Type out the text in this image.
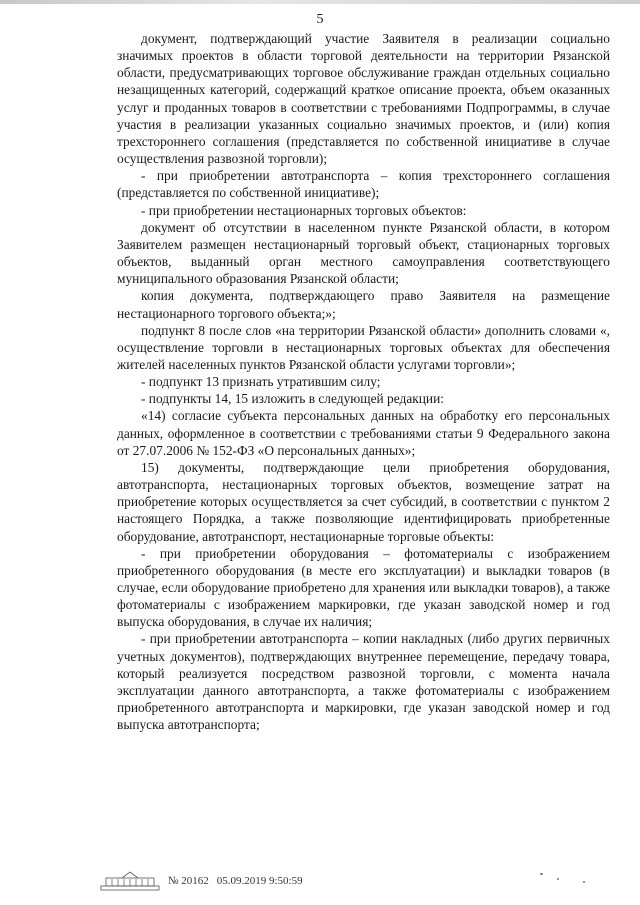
5

документ, подтверждающий участие Заявителя в реализации социально значимых проектов в области торговой деятельности на территории Рязанской области, предусматривающих торговое обслуживание граждан отдельных социально незащищенных категорий, содержащий краткое описание проекта, объем оказанных услуг и проданных товаров в соответствии с требованиями Подпрограммы, в случае участия в реализации указанных социально значимых проектов, и (или) копия трехстороннего соглашения (представляется по собственной инициативе в случае осуществления развозной торговли);

- при приобретении автотранспорта – копия трехстороннего соглашения (представляется по собственной инициативе);

- при приобретении нестационарных торговых объектов:

документ об отсутствии в населенном пункте Рязанской области, в котором Заявителем размещен нестационарный торговый объект, стационарных торговых объектов, выданный орган местного самоуправления соответствующего муниципального образования Рязанской области;

копия документа, подтверждающего право Заявителя на размещение нестационарного торгового объекта;»;

подпункт 8 после слов «на территории Рязанской области» дополнить словами «, осуществление торговли в нестационарных торговых объектах для обеспечения жителей населенных пунктов Рязанской области услугами торговли»;

- подпункт 13 признать утратившим силу;

- подпункты 14, 15 изложить в следующей редакции:

«14) согласие субъекта персональных данных на обработку его персональных данных, оформленное в соответствии с требованиями статьи 9 Федерального закона от 27.07.2006 № 152-ФЗ «О персональных данных»;

15) документы, подтверждающие цели приобретения оборудования, автотранспорта, нестационарных торговых объектов, возмещение затрат на приобретение которых осуществляется за счет субсидий, в соответствии с пунктом 2 настоящего Порядка, а также позволяющие идентифицировать приобретенные оборудование, автотранспорт, нестационарные торговые объекты:

- при приобретении оборудования – фотоматериалы с изображением приобретенного оборудования (в месте его эксплуатации) и выкладки товаров (в случае, если оборудование приобретено для хранения или выкладки товаров), а также фотоматериалы с изображением маркировки, где указан заводской номер и год выпуска оборудования, в случае их наличия;

- при приобретении автотранспорта – копии накладных (либо других первичных учетных документов), подтверждающих внутреннее перемещение, передачу товара, который реализуется посредством развозной торговли, с момента начала эксплуатации данного автотранспорта, а также фотоматериалы с изображением приобретенного автотранспорта и маркировки, где указан заводской номер и год выпуска автотранспорта;

№ 20162 05.09.2019 9:50:59
